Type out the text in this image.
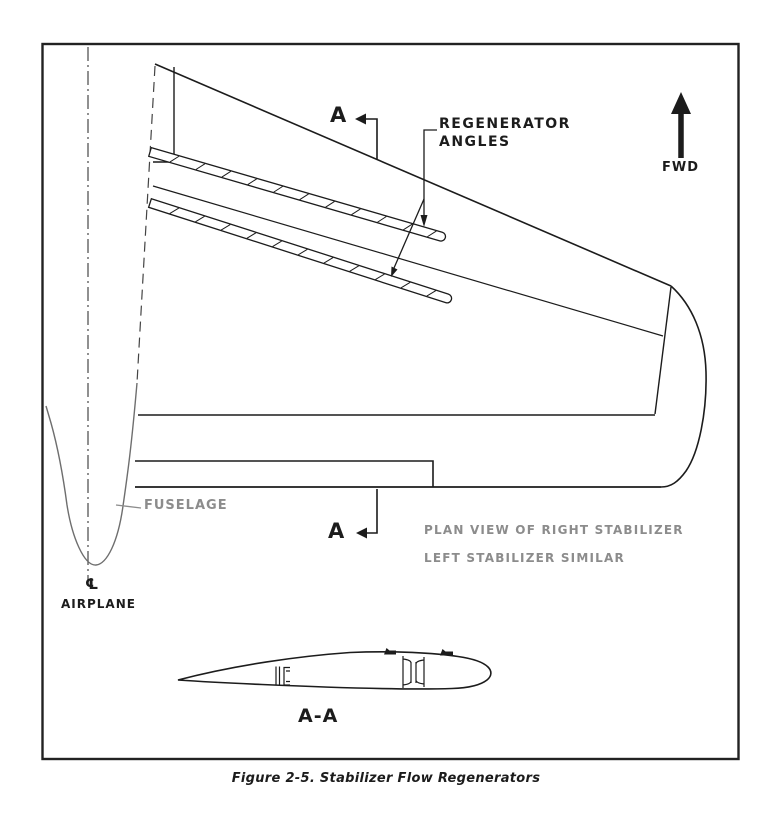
REGENERATOR
ANGLES
A
A
FWD
FUSELAGE
℄
AIRPLANE
PLAN VIEW OF RIGHT STABILIZER
LEFT STABILIZER SIMILAR
A-A
Figure 2-5. Stabilizer Flow Regenerators
